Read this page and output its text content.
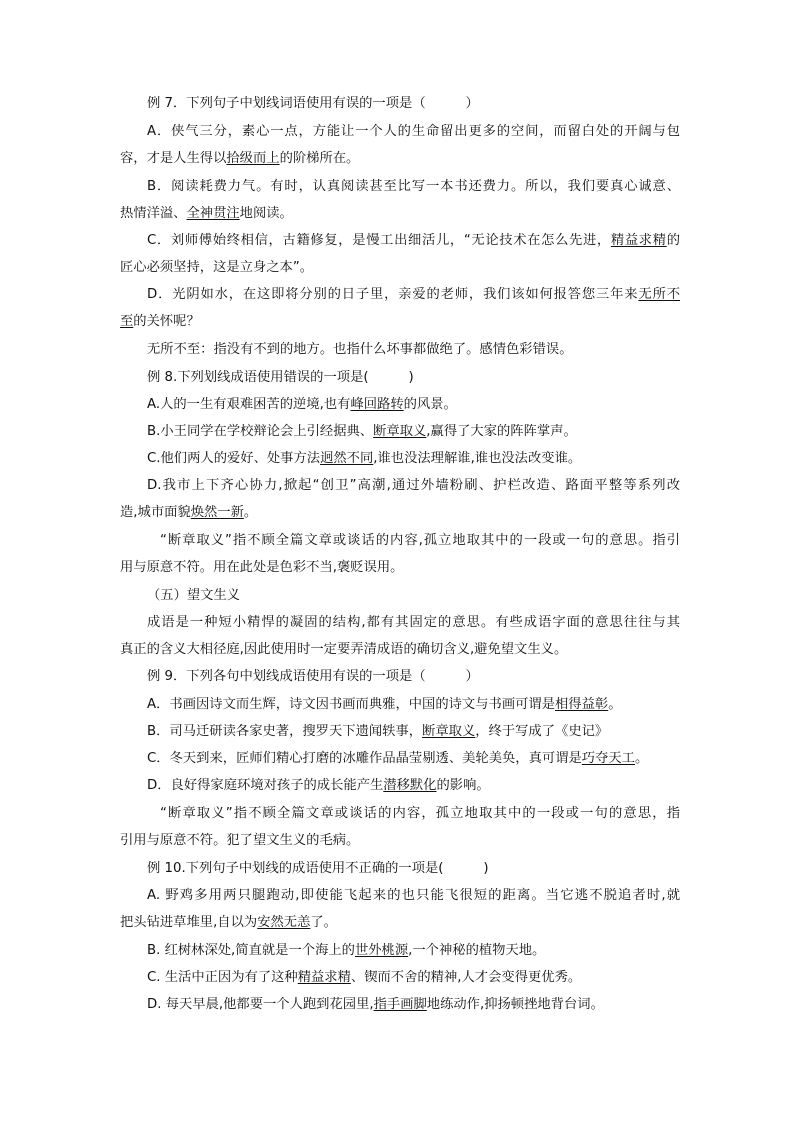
例 7．下列句子中划线词语使用有误的一项是（　　　）
A．侠气三分，素心一点，方能让一个人的生命留出更多的空间，而留白处的开阔与包
容，才是人生得以拾级而上的阶梯所在。
B．阅读耗费力气。有时，认真阅读甚至比写一本书还费力。所以，我们要真心诚意、
热情洋溢、全神贯注地阅读。
C．刘师傅始终相信，古籍修复，是慢工出细活儿，“无论技术在怎么先进，精益求精的
匠心必须坚持，这是立身之本”。
D．光阴如水，在这即将分别的日子里，亲爱的老师，我们该如何报答您三年来无所不
至的关怀呢？
无所不至：指没有不到的地方。也指什么坏事都做绝了。感情色彩错误。
例 8.下列划线成语使用错误的一项是(　　　)
A.人的一生有艰难困苦的逆境,也有峰回路转的风景。
B.小王同学在学校辩论会上引经据典、断章取义,赢得了大家的阵阵掌声。
C.他们两人的爱好、处事方法迥然不同,谁也没法理解谁,谁也没法改变谁。
D.我市上下齐心协力,掀起“创卫”高潮,通过外墙粉刷、护栏改造、路面平整等系列改
造,城市面貌焕然一新。
“断章取义”指不顾全篇文章或谈话的内容,孤立地取其中的一段或一句的意思。指引
用与原意不符。用在此处是色彩不当,褒贬误用。
（五）望文生义
成语是一种短小精悍的凝固的结构,都有其固定的意思。有些成语字面的意思往往与其
真正的含义大相径庭,因此使用时一定要弄清成语的确切含义,避免望文生义。
例 9．下列各句中划线成语使用有误的一项是（　　　）
A．书画因诗文而生辉，诗文因书画而典雅，中国的诗文与书画可谓是相得益彰。
B．司马迁研读各家史著，搜罗天下遗闻轶事，断章取义，终于写成了《史记》
C．冬天到来，匠师们精心打磨的冰雕作品晶莹剔透、美轮美奂，真可谓是巧夺天工。
D．良好得家庭环境对孩子的成长能产生潜移默化的影响。
“断章取义”指不顾全篇文章或谈话的内容，孤立地取其中的一段或一句的意思，指
引用与原意不符。犯了望文生义的毛病。
例 10.下列句子中划线的成语使用不正确的一项是(　　　)
A. 野鸡多用两只腿跑动,即使能飞起来的也只能飞很短的距离。当它逃不脱追者时,就
把头钻进草堆里,自以为安然无恙了。
B. 红树林深处,简直就是一个海上的世外桃源,一个神秘的植物天地。
C. 生活中正因为有了这种精益求精、锲而不舍的精神,人才会变得更优秀。
D. 每天早晨,他都要一个人跑到花园里,指手画脚地练动作,抑扬顿挫地背台词。
